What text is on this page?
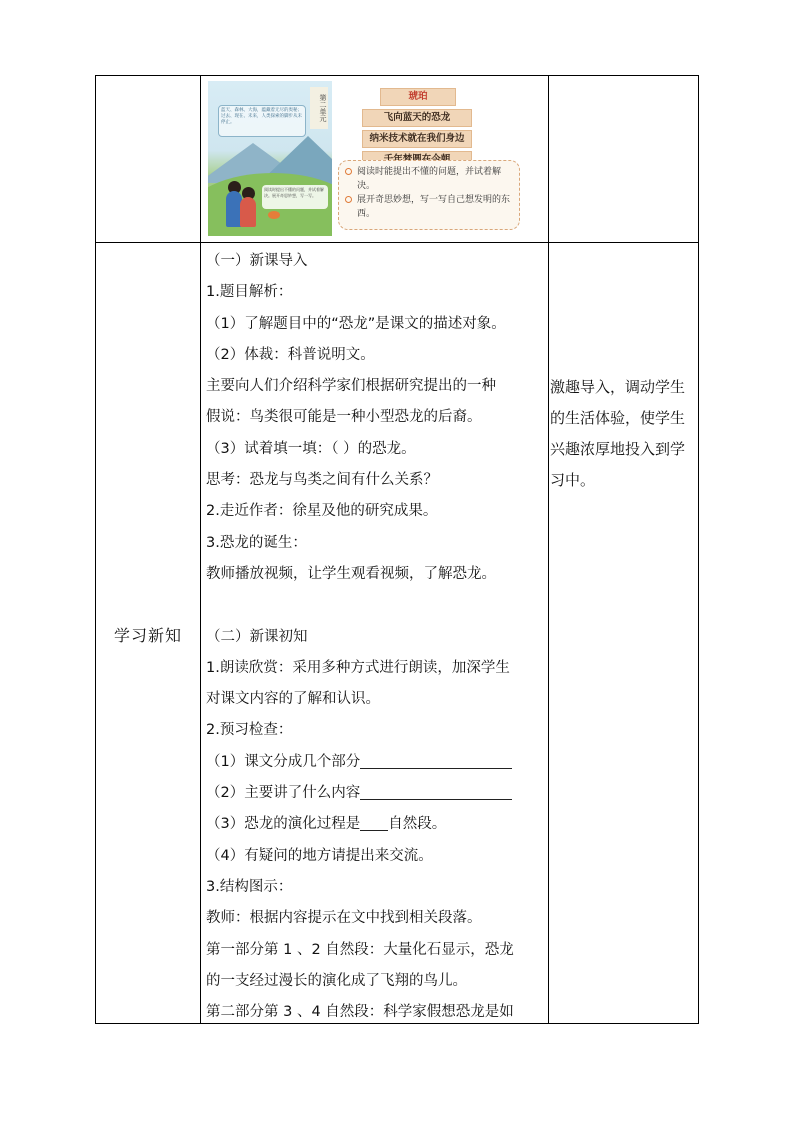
第二单元
蓝天、森林、大海，蕴藏着无尽的奥秘；过去、现在、未来，人类探索的脚步从未停止。
阅读时提出不懂的问题，并试着解决。展开奇思妙想，写一写。
琥珀
飞向蓝天的恐龙
纳米技术就在我们身边
阅读时能提出不懂的问题，并试着解决。
展开奇思妙想，写一写自己想发明的东西。
学习新知
（一）新课导入
1.题目解析：
（1）了解题目中的“恐龙”是课文的描述对象。
（2）体裁：科普说明文。
主要向人们介绍科学家们根据研究提出的一种
假说：鸟类很可能是一种小型恐龙的后裔。
（3）试着填一填：（ ）的恐龙。
思考：恐龙与鸟类之间有什么关系？
2.走近作者：徐星及他的研究成果。
3.恐龙的诞生：
教师播放视频，让学生观看视频，了解恐龙。
（二）新课初知
1.朗读欣赏：采用多种方式进行朗读，加深学生
对课文内容的了解和认识。
2.预习检查：
（1）课文分成几个部分
（2）主要讲了什么内容
（3）恐龙的演化过程是 自然段。
（4）有疑问的地方请提出来交流。
3.结构图示：
教师：根据内容提示在文中找到相关段落。
第一部分第 1 、2 自然段：大量化石显示，恐龙
的一支经过漫长的演化成了飞翔的鸟儿。
第二部分第 3 、4 自然段：科学家假想恐龙是如
激趣导入，调动学生的生活体验，使学生兴趣浓厚地投入到学习中。
